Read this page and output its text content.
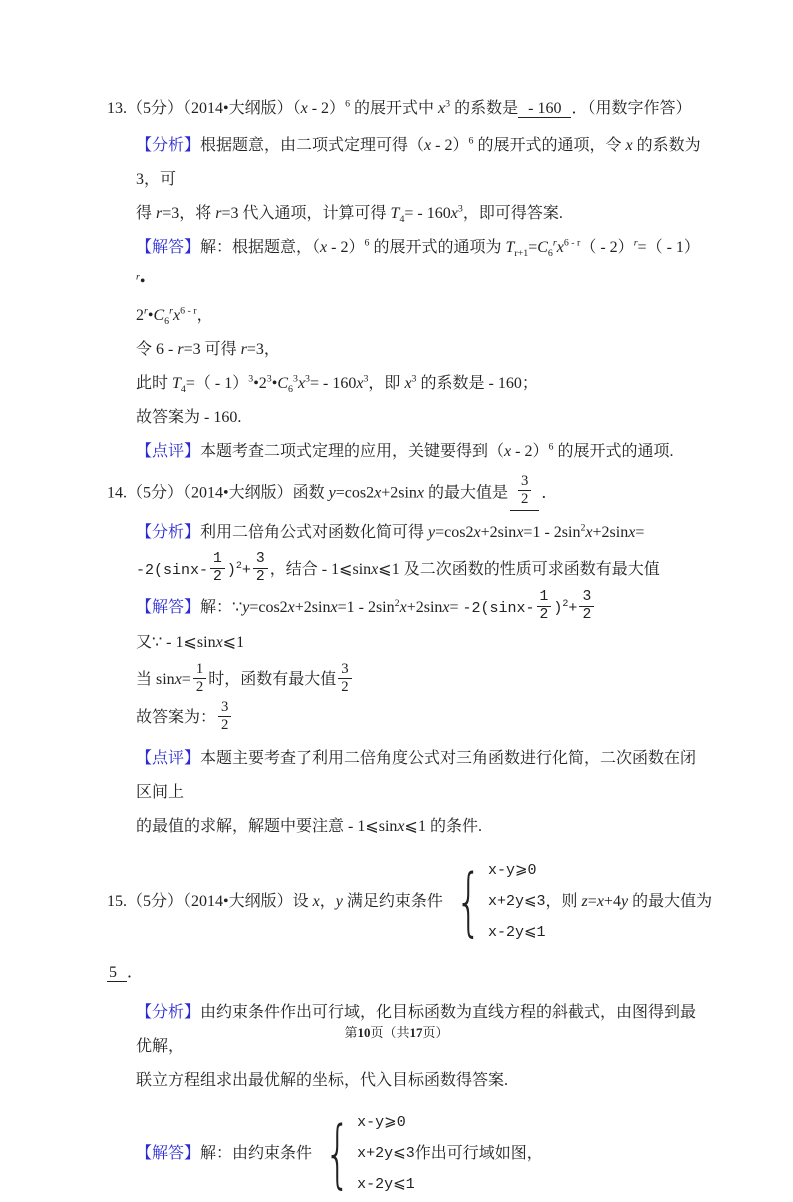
13.（5分）（2014•大纲版）（x - 2）$^6$ 的展开式中 $x^3$ 的系数是  - 160  ．（用数字作答）
【分析】根据题意，由二项式定理可得（x - 2）$^6$ 的展开式的通项，令 x 的系数为 3，可
得 r=3，将 r=3 代入通项，计算可得 $T_4= - 160x^3$，即可得答案.
【解答】解：根据题意，（x - 2）$^6$ 的展开式的通项为 $T_{r+1}=C_6^rx^{6 - r}( - 2)^r=$（ - 1）$^r$•
$2^r•C_6^rx^{6 - r}$，
令 6 - r=3 可得 r=3，
此时 $T_4=$（ - $1)^3•2^3•C_6^3x^3= - 160x^3$，即 $x^3$ 的系数是 - 160；
故答案为 - 160.
【点评】本题考查二项式定理的应用，关键要得到（x - 2）$^6$ 的展开式的通项.
14.（5分）（2014•大纲版）函数 y=cos2x+2sinx 的最大值是 $\frac{3}{2}$ ．
【分析】利用二倍角公式对函数化简可得 $y=\cos 2x+2\sin x=1 - 2\sin^2x+2\sin x=$
$-2(\sin x- \frac{1}{2} )^2+ \frac{3}{2}$ ，结合 - 1⩽sinx⩽1 及二次函数的性质可求函数有最大值
【解答】解：∵y=cos2x+2sinx=1 - $2\sin^2x+2\sin x= -2(\sin x- \frac{1}{2} )^2+ \frac{3}{2}$
又∵ - 1⩽sinx⩽1
当 $\sin x= \frac{1}{2}$ 时，函数有最大值 $\frac{3}{2}$
故答案为： $\frac{3}{2}$
【点评】本题主要考查了利用二倍角度公式对三角函数进行化简，二次函数在闭区间上
的最值的求解，解题中要注意 - 1⩽sinx⩽1 的条件.
15.（5分）（2014•大纲版）设 x，y 满足约束条件 { x-y⩾0
x+2y⩽3
x-2y⩽1
，则 z=x+4y 的最大值为
5  ．
【分析】由约束条件作出可行域，化目标函数为直线方程的斜截式，由图得到最优解，
联立方程组求出最优解的坐标，代入目标函数得答案.
【解答】解：由约束条件 { x-y⩾0
x+2y⩽3
x-2y⩽1
作出可行域如图，
第10页（共17页）
